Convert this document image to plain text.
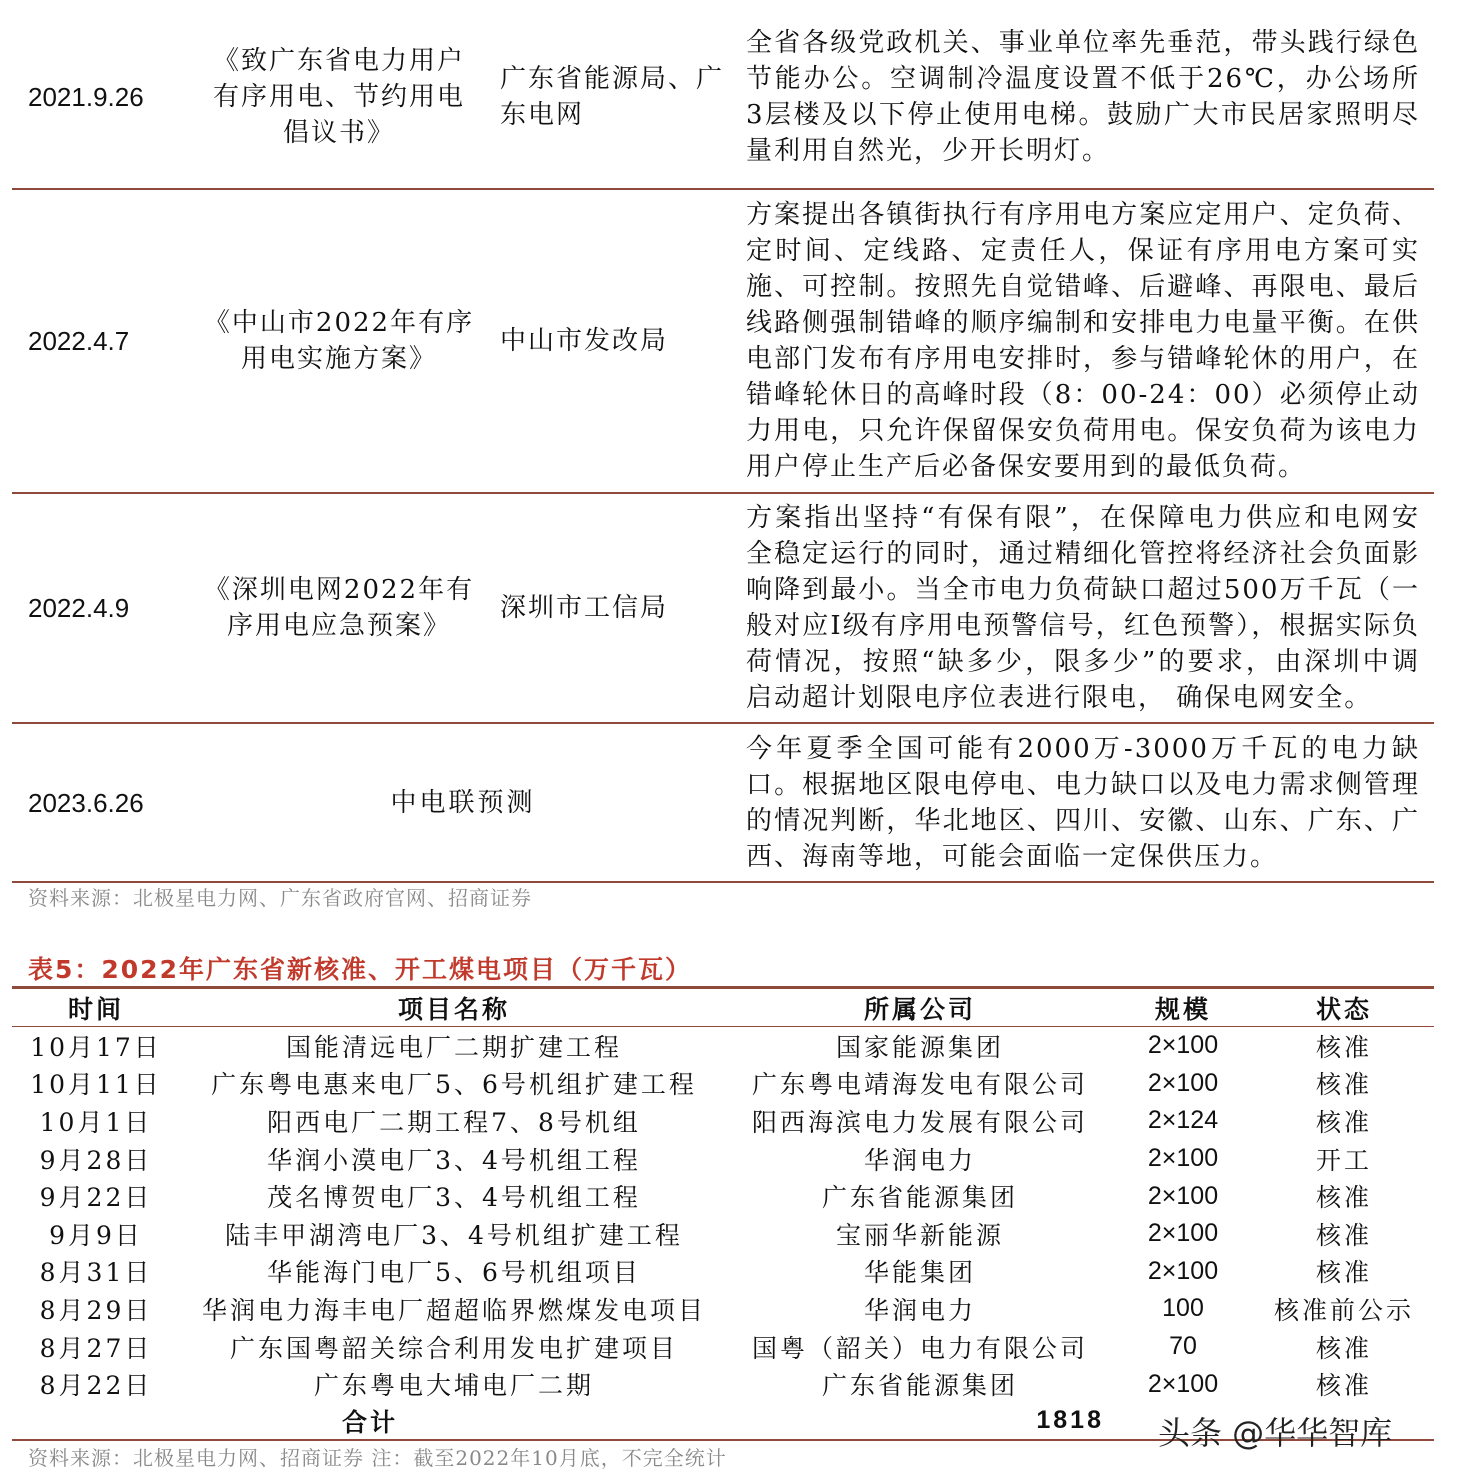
2021.9.26	《致广东省电力用户有序用电、节约用电倡议书》	广东省能源局、广东电网	全省各级党政机关、事业单位率先垂范，带头践行绿色节能办公。空调制冷温度设置不低于26℃，办公场所3层楼及以下停止使用电梯。鼓励广大市民居家照明尽量利用自然光，少开长明灯。
2022.4.7	《中山市2022年有序用电实施方案》	中山市发改局	方案提出各镇街执行有序用电方案应定用户、定负荷、定时间、定线路、定责任人，保证有序用电方案可实施、可控制。按照先自觉错峰、后避峰、再限电、最后线路侧强制错峰的顺序编制和安排电力电量平衡。在供电部门发布有序用电安排时，参与错峰轮休的用户，在错峰轮休日的高峰时段（8：00-24：00）必须停止动力用电，只允许保留保安负荷用电。保安负荷为该电力用户停止生产后必备保安要用到的最低负荷。
2022.4.9	《深圳电网2022年有序用电应急预案》	深圳市工信局	方案指出坚持“有保有限”，在保障电力供应和电网安全稳定运行的同时，通过精细化管控将经济社会负面影响降到最小。当全市电力负荷缺口超过500万千瓦（一般对应Ⅰ级有序用电预警信号，红色预警），根据实际负荷情况，按照“缺多少，限多少”的要求，由深圳中调启动超计划限电序位表进行限电， 确保电网安全。
2023.6.26	中电联预测		今年夏季全国可能有2000万-3000万千瓦的电力缺口。根据地区限电停电、电力缺口以及电力需求侧管理的情况判断，华北地区、四川、安徽、山东、广东、广西、海南等地，可能会面临一定保供压力。
资料来源：北极星电力网、广东省政府官网、招商证券
表5：2022年广东省新核准、开工煤电项目（万千瓦）
时间	项目名称	所属公司	规模	状态
10月17日	国能清远电厂二期扩建工程	国家能源集团	2×100	核准
10月11日	广东粤电惠来电厂5、6号机组扩建工程	广东粤电靖海发电有限公司	2×100	核准
10月1日	阳西电厂二期工程7、8号机组	阳西海滨电力发展有限公司	2×124	核准
9月28日	华润小漠电厂3、4号机组工程	华润电力	2×100	开工
9月22日	茂名博贺电厂3、4号机组工程	广东省能源集团	2×100	核准
9月9日	陆丰甲湖湾电厂3、4号机组扩建工程	宝丽华新能源	2×100	核准
8月31日	华能海门电厂5、6号机组项目	华能集团	2×100	核准
8月29日	华润电力海丰电厂超超临界燃煤发电项目	华润电力	100	核准前公示
8月27日	广东国粤韶关综合利用发电扩建项目	国粤（韶关）电力有限公司	70	核准
8月22日	广东粤电大埔电厂二期	广东省能源集团	2×100	核准
合计		1818		
资料来源：北极星电力网、招商证券 注：截至2022年10月底，不完全统计
头条 @华华智库
